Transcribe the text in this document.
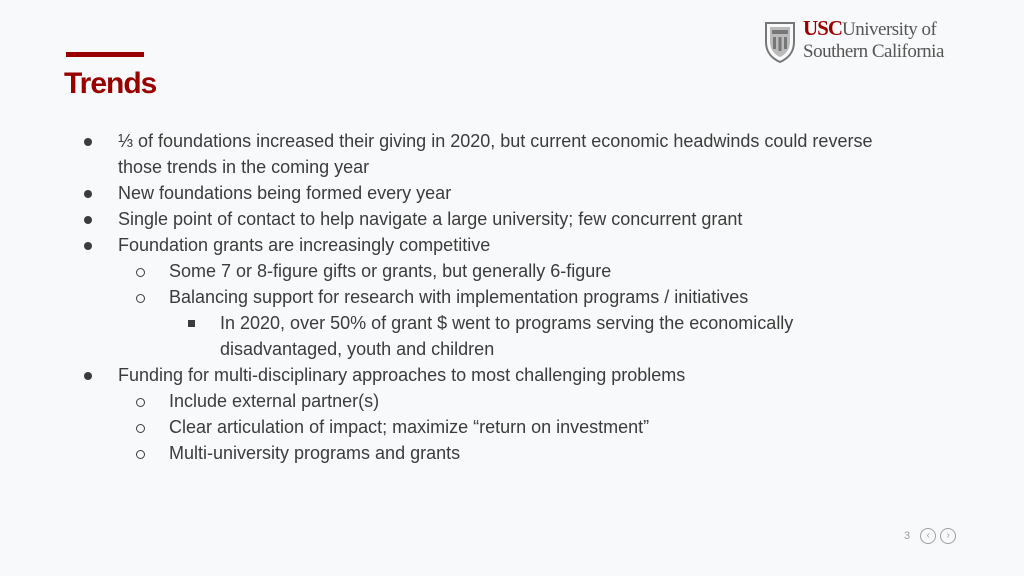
Trends
USCUniversity of
Southern California
⅓ of foundations increased their giving in 2020, but current economic headwinds could reverse those trends in the coming year
New foundations being formed every year
Single point of contact to help navigate a large university; few concurrent grant
Foundation grants are increasingly competitive
Some 7 or 8-figure gifts or grants, but generally 6-figure
Balancing support for research with implementation programs / initiatives
In 2020, over 50% of grant $ went to programs serving the economically disadvantaged, youth and children
Funding for multi-disciplinary approaches to most challenging problems
Include external partner(s)
Clear articulation of impact; maximize “return on investment”
Multi-university programs and grants
3	‹	›
